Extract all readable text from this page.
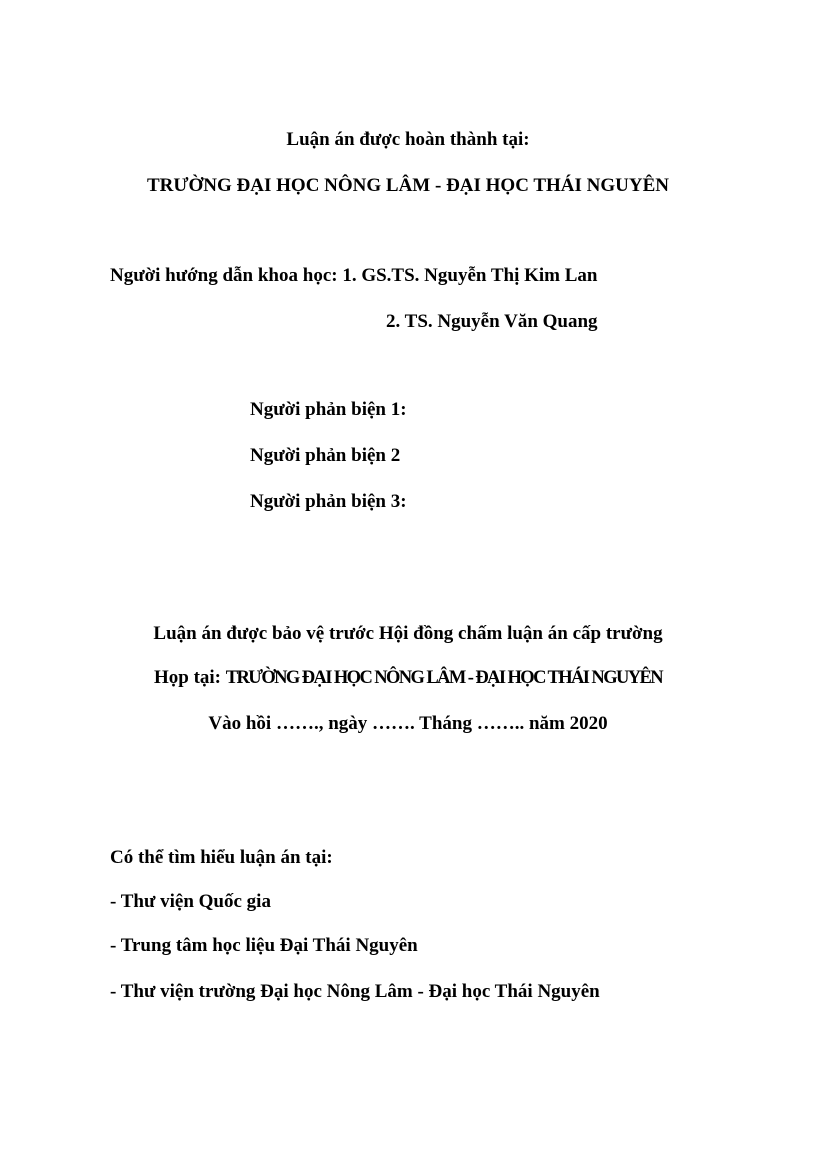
Luận án được hoàn thành tại:
TRƯỜNG ĐẠI HỌC NÔNG LÂM - ĐẠI HỌC THÁI NGUYÊN
Người hướng dẫn khoa học: 1. GS.TS. Nguyễn Thị Kim Lan
2. TS. Nguyễn Văn Quang
Người phản biện 1:
Người phản biện 2
Người phản biện 3:
Luận án được bảo vệ trước Hội đồng chấm luận án cấp trường
Họp tại: TRƯỜNG ĐẠI HỌC NÔNG LÂM - ĐẠI HỌC THÁI NGUYÊN
Vào hồi ……., ngày ……. Tháng …….. năm 2020
Có thể tìm hiểu luận án tại:
- Thư viện Quốc gia
- Trung tâm học liệu Đại Thái Nguyên
- Thư viện trường Đại học Nông Lâm - Đại học Thái Nguyên
